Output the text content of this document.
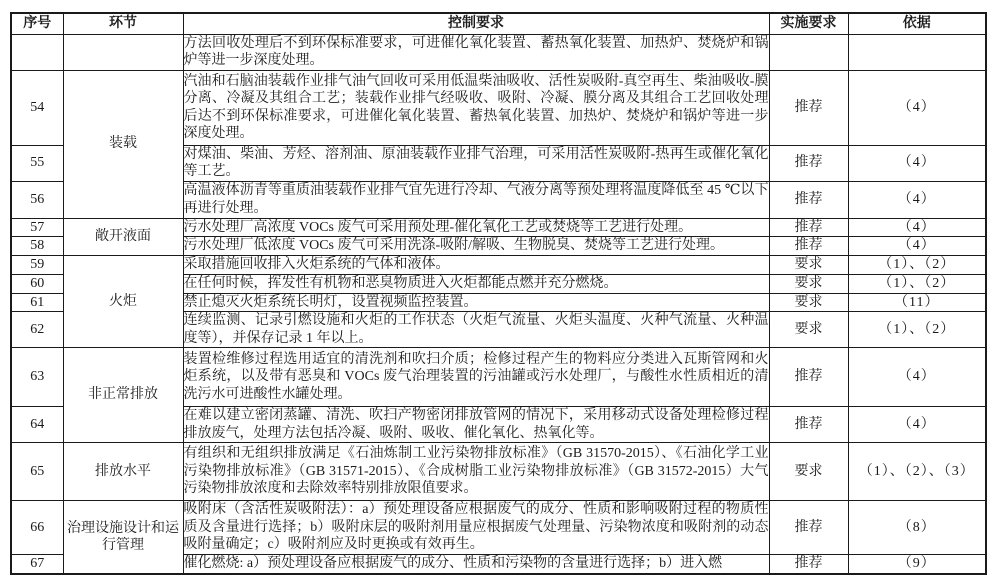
序号	环节	控制要求	实施要求	依据
		方法回收处理后不到环保标准要求，可进催化氧化装置、蓄热氧化装置、加热炉、焚烧炉和锅炉等进一步深度处理。		
54	装载	汽油和石脑油装载作业排气油气回收可采用低温柴油吸收、活性炭吸附-真空再生、柴油吸收-膜分离、冷凝及其组合工艺；装载作业排气经吸收、吸附、冷凝、膜分离及其组合工艺回收处理后达不到环保标准要求，可进催化氧化装置、蓄热氧化装置、加热炉、焚烧炉和锅炉等进一步深度处理。	推荐	（4）
55		对煤油、柴油、芳烃、溶剂油、原油装载作业排气治理，可采用活性炭吸附-热再生或催化氧化等工艺。	推荐	（4）
56		高温液体沥青等重质油装载作业排气宜先进行冷却、气液分离等预处理将温度降低至 45 ℃以下再进行处理。	推荐	（4）
57	敞开液面	污水处理厂高浓度 VOCs 废气可采用预处理-催化氧化工艺或焚烧等工艺进行处理。	推荐	（4）
58		污水处理厂低浓度 VOCs 废气可采用洗涤-吸附/解吸、生物脱臭、焚烧等工艺进行处理。	推荐	（4）
59	火炬	采取措施回收排入火炬系统的气体和液体。	要求	（1）、（2）
60		在任何时候，挥发性有机物和恶臭物质进入火炬都能点燃并充分燃烧。	要求	（1）、（2）
61		禁止熄灭火炬系统长明灯，设置视频监控装置。	要求	（11）
62		连续监测、记录引燃设施和火炬的工作状态（火炬气流量、火炬头温度、火种气流量、火种温度等），并保存记录 1 年以上。	要求	（1）、（2）
63	非正常排放	装置检维修过程选用适宜的清洗剂和吹扫介质；检修过程产生的物料应分类进入瓦斯管网和火炬系统，以及带有恶臭和 VOCs 废气治理装置的污油罐或污水处理厂，与酸性水性质相近的清洗污水可进酸性水罐处理。	推荐	（4）
64		在难以建立密闭蒸罐、清洗、吹扫产物密闭排放管网的情况下，采用移动式设备处理检修过程排放废气，处理方法包括冷凝、吸附、吸收、催化氧化、热氧化等。	推荐	（4）
65	排放水平	有组织和无组织排放满足《石油炼制工业污染物排放标准》（GB 31570-2015）、《石油化学工业污染物排放标准》（GB 31571-2015）、《合成树脂工业污染物排放标准》（GB 31572-2015）大气污染物排放浓度和去除效率特别排放限值要求。	要求	（1）、（2）、（3）
66	治理设施设计和运行管理	吸附床（含活性炭吸附法）：a）预处理设备应根据废气的成分、性质和影响吸附过程的物质性质及含量进行选择；b）吸附床层的吸附剂用量应根据废气处理量、污染物浓度和吸附剂的动态吸附量确定；c）吸附剂应及时更换或有效再生。	推荐	（8）
67		催化燃烧: a）预处理设备应根据废气的成分、性质和污染物的含量进行选择；b）进入燃	推荐	（9）
